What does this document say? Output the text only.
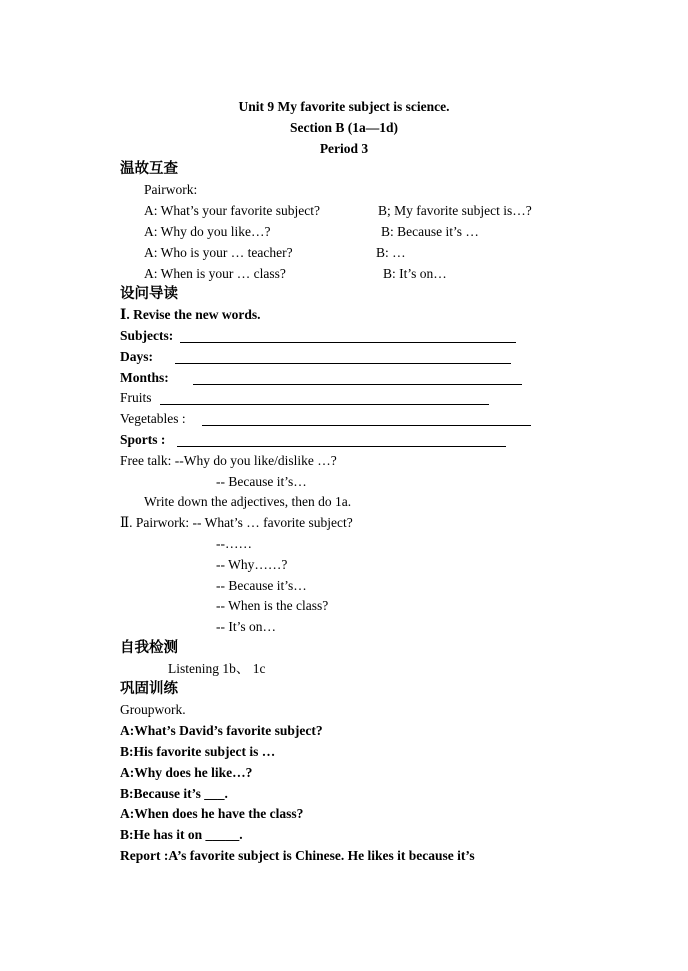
Unit 9 My favorite subject is science.
Section B (1a—1d)
Period 3
温故互查
Pairwork:
A: What’s your favorite subject?	B; My favorite subject is…?
A: Why do you like…?	B: Because it’s …
A: Who is your … teacher?	B: …
A: When is your … class?	B: It’s on…
设问导读
Ⅰ. Revise the new words.
Subjects:
Days:
Months:
Fruits
Vegetables :
Sports :
Free talk: --Why do you like/dislike …?
-- Because it’s…
Write down the adjectives, then do 1a.
Ⅱ. Pairwork: -- What’s … favorite subject?
--……
-- Why……?
-- Because it’s…
-- When is the class?
-- It’s on…
自我检测
Listening 1b、 1c
巩固训练
Groupwork.
A:What’s David’s favorite subject?
B:His favorite subject is …
A:Why does he like…?
B:Because it’s ___.
A:When does he have the class?
B:He has it on _____.
Report :A’s favorite subject is Chinese. He likes it because it’s
